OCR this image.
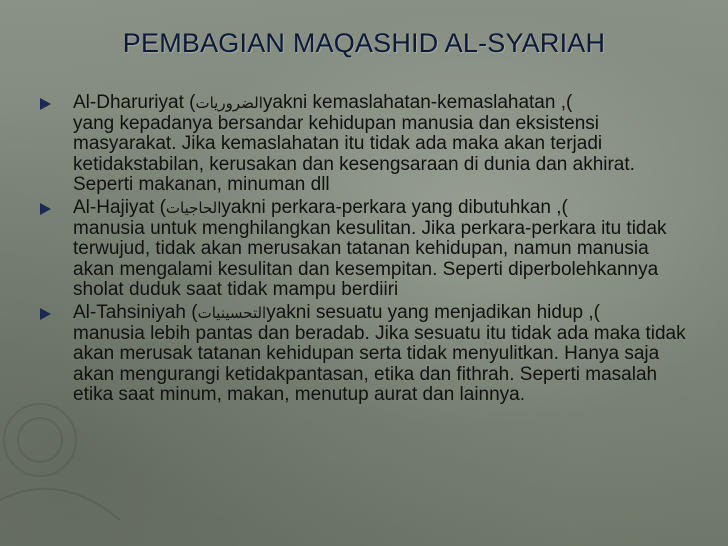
PEMBAGIAN MAQASHID AL-SYARIAH
Al-Dharuriyat (الضرورياتyakni kemaslahatan-kemaslahatan ,(
yang kepadanya bersandar kehidupan manusia dan eksistensi masyarakat. Jika kemaslahatan itu tidak ada maka akan terjadi ketidakstabilan, kerusakan dan kesengsaraan di dunia dan akhirat. Seperti makanan, minuman dll
Al-Hajiyat (الحاجياتyakni perkara-perkara yang dibutuhkan ,(
manusia untuk menghilangkan kesulitan. Jika perkara-perkara itu tidak terwujud, tidak akan merusakan tatanan kehidupan, namun manusia akan mengalami kesulitan dan kesempitan. Seperti diperbolehkannya sholat duduk saat tidak mampu berdiiri
Al-Tahsiniyah (التحسينياتyakni sesuatu yang menjadikan hidup ,(
manusia lebih pantas dan beradab. Jika sesuatu itu tidak ada maka tidak akan merusak tatanan kehidupan serta tidak menyulitkan. Hanya saja akan mengurangi ketidakpantasan, etika dan fithrah. Seperti masalah etika saat minum, makan, menutup aurat dan lainnya.
